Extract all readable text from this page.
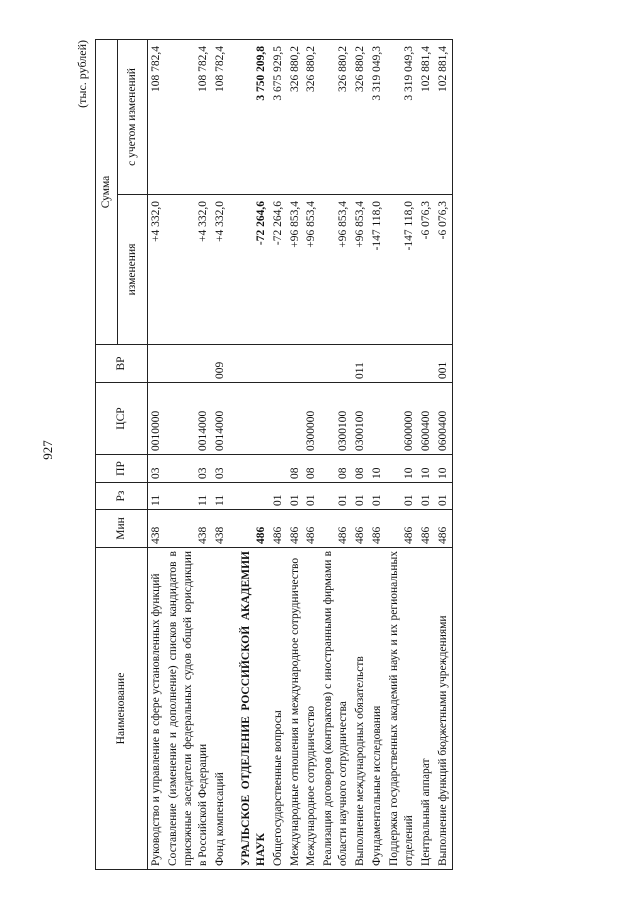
927
(тыс. рублей)
Наименование	Мин	Рз	ПР	ЦСР	ВР	Сумма	
						изменения	с учетом изменений
Руководство и управление в сфере установленных функций	438	11	03	0010000		+4 332,0	108 782,4
Составление (изменение и дополнение) списков кандидатов в присяжные заседатели федеральных судов общей юрисдикции в Российской Федерации	438	11	03	0014000		+4 332,0	108 782,4
Фонд компенсаций	438	11	03	0014000	009	+4 332,0	108 782,4
УРАЛЬСКОЕ ОТДЕЛЕНИЕ РОССИЙСКОЙ АКАДЕМИИ НАУК	486					-72 264,6	3 750 209,8
Общегосударственные вопросы	486	01				-72 264,6	3 675 929,5
Международные отношения и международное сотрудничество	486	01	08			+96 853,4	326 880,2
Международное сотрудничество	486	01	08	0300000		+96 853,4	326 880,2
Реализация договоров (контрактов) с иностранными фирмами в области научного сотрудничества	486	01	08	0300100		+96 853,4	326 880,2
Выполнение международных обязательств	486	01	08	0300100	011	+96 853,4	326 880,2
Фундаментальные исследования	486	01	10			-147 118,0	3 319 049,3
Поддержка государственных академий наук и их региональных отделений	486	01	10	0600000		-147 118,0	3 319 049,3
Центральный аппарат	486	01	10	0600400		-6 076,3	102 881,4
Выполнение функций бюджетными учреждениями	486	01	10	0600400	001	-6 076,3	102 881,4
